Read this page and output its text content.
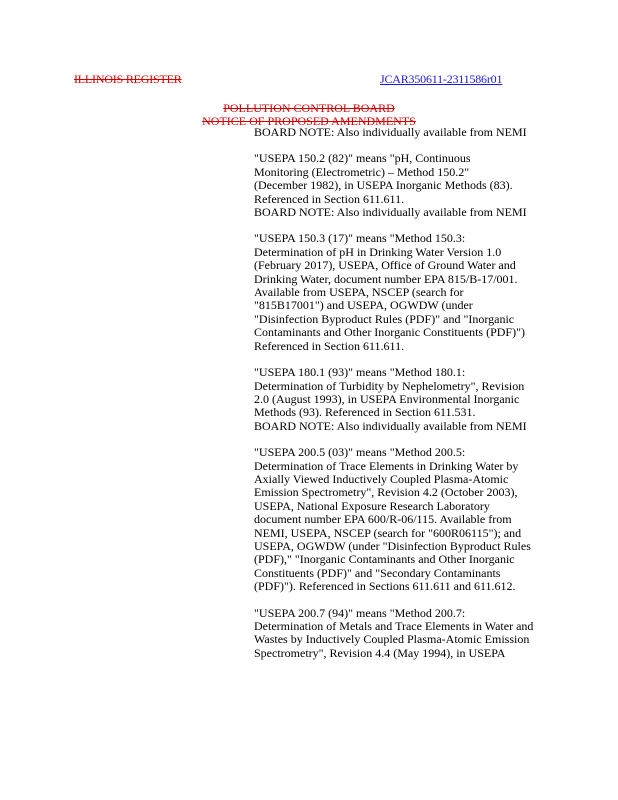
ILLINOIS REGISTER	JCAR350611-2311586r01
POLLUTION CONTROL BOARD
NOTICE OF PROPOSED AMENDMENTS

BOARD NOTE: Also individually available from NEMI

"USEPA 150.2 (82)" means "pH, Continuous

Monitoring (Electrometric) – Method 150.2"

(December 1982), in USEPA Inorganic Methods (83).

Referenced in Section 611.611.

BOARD NOTE: Also individually available from NEMI

"USEPA 150.3 (17)" means "Method 150.3:

Determination of pH in Drinking Water Version 1.0

(February 2017), USEPA, Office of Ground Water and

Drinking Water, document number EPA 815/B-17/001.

Available from USEPA, NSCEP (search for

"815B17001") and USEPA, OGWDW (under

"Disinfection Byproduct Rules (PDF)" and "Inorganic

Contaminants and Other Inorganic Constituents (PDF)")

Referenced in Section 611.611.

"USEPA 180.1 (93)" means "Method 180.1:

Determination of Turbidity by Nephelometry", Revision

2.0 (August 1993), in USEPA Environmental Inorganic

Methods (93). Referenced in Section 611.531.

BOARD NOTE: Also individually available from NEMI

"USEPA 200.5 (03)" means "Method 200.5:

Determination of Trace Elements in Drinking Water by

Axially Viewed Inductively Coupled Plasma-Atomic

Emission Spectrometry", Revision 4.2 (October 2003),

USEPA, National Exposure Research Laboratory

document number EPA 600/R-06/115. Available from

NEMI, USEPA, NSCEP (search for "600R06115"); and

USEPA, OGWDW (under "Disinfection Byproduct Rules

(PDF)," "Inorganic Contaminants and Other Inorganic

Constituents (PDF)" and "Secondary Contaminants

(PDF)"). Referenced in Sections 611.611 and 611.612.

"USEPA 200.7 (94)" means "Method 200.7:

Determination of Metals and Trace Elements in Water and

Wastes by Inductively Coupled Plasma-Atomic Emission

Spectrometry", Revision 4.4 (May 1994), in USEPA
